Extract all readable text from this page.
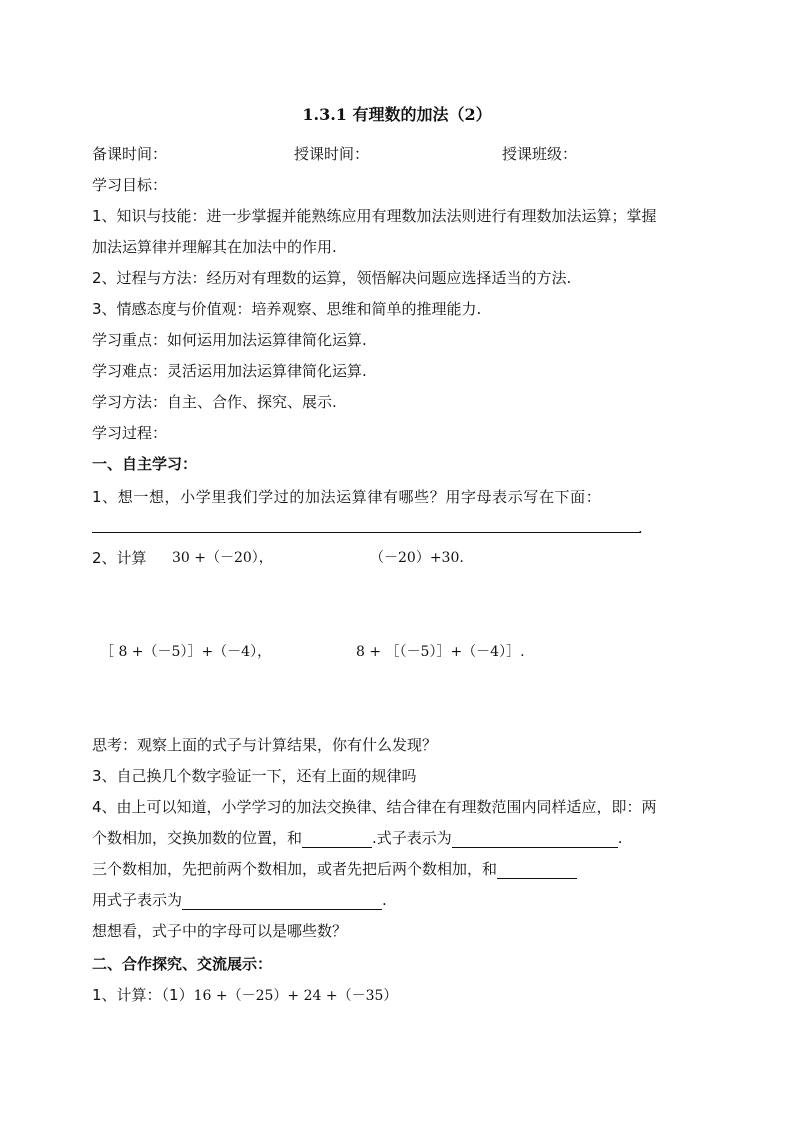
1.3.1 有理数的加法（2）
备课时间：	授课时间：	授课班级：
学习目标：
1、知识与技能：进一步掌握并能熟练应用有理数加法法则进行有理数加法运算；掌握
加法运算律并理解其在加法中的作用.
2、过程与方法：经历对有理数的运算，领悟解决问题应选择适当的方法.
3、情感态度与价值观：培养观察、思维和简单的推理能力.
学习重点：如何运用加法运算律简化运算.
学习难点：灵活运用加法运算律简化运算.
学习方法：自主、合作、探究、展示.
学习过程：
一、自主学习：
1、想一想，小学里我们学过的加法运算律有哪些？用字母表示写在下面：
.
2、计算 30 +（－20），	（－20）+30.
［ 8 +（－5）］+（－4），	8 + ［（－5）］+（－4）］.
思考：观察上面的式子与计算结果，你有什么发现？
3、自己换几个数字验证一下，还有上面的规律吗
4、由上可以知道，小学学习的加法交换律、结合律在有理数范围内同样适应，即：两
个数相加，交换加数的位置，和	.式子表示为	.
三个数相加，先把前两个数相加，或者先把后两个数相加，和
用式子表示为	.
想想看，式子中的字母可以是哪些数？
二、合作探究、交流展示：
1、计算：（1）16 +（－25）+ 24 +（－35）
